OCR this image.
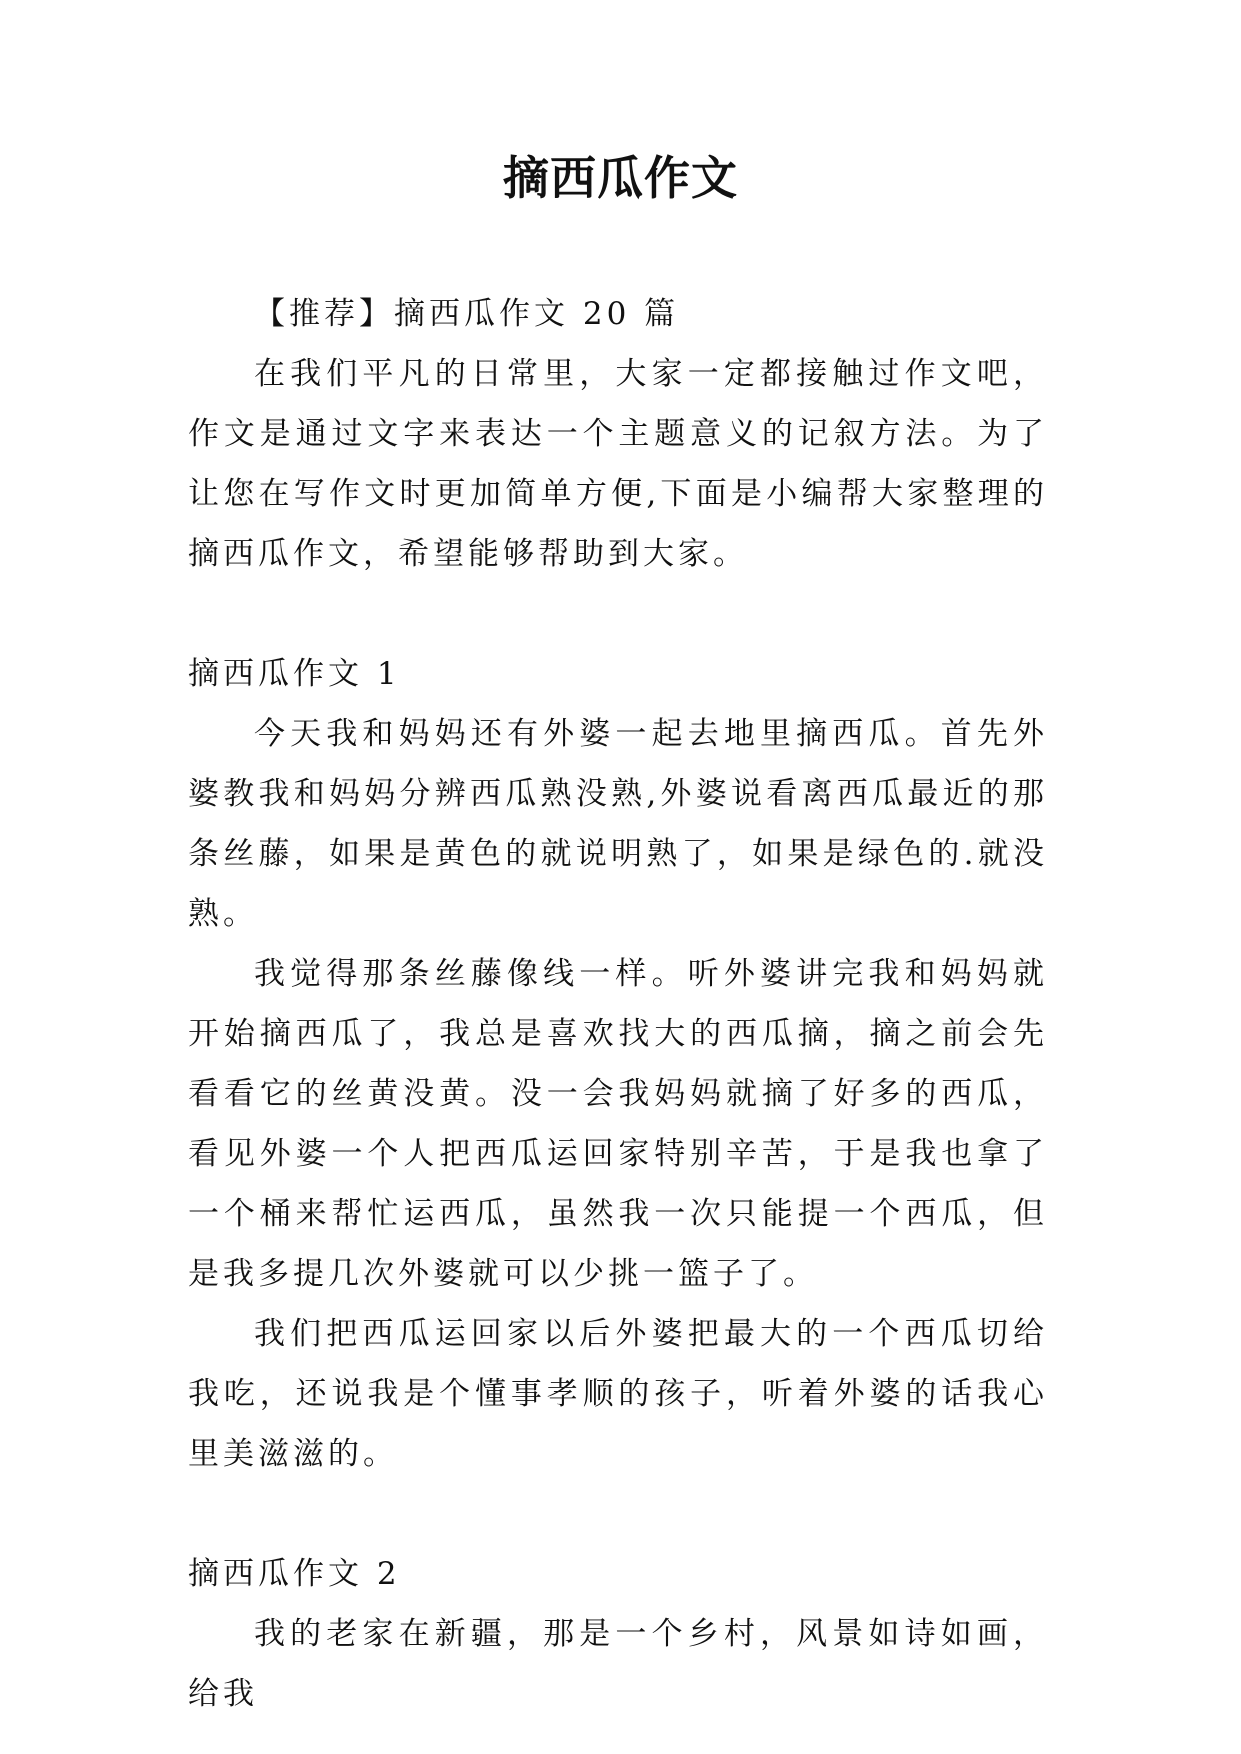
摘西瓜作文

【推荐】摘西瓜作文 20 篇

在我们平凡的日常里，大家一定都接触过作文吧，作文是通过文字来表达一个主题意义的记叙方法。为了让您在写作文时更加简单方便,下面是小编帮大家整理的摘西瓜作文，希望能够帮助到大家。

摘西瓜作文 1

今天我和妈妈还有外婆一起去地里摘西瓜。首先外婆教我和妈妈分辨西瓜熟没熟,外婆说看离西瓜最近的那条丝藤，如果是黄色的就说明熟了，如果是绿色的.就没熟。

我觉得那条丝藤像线一样。听外婆讲完我和妈妈就开始摘西瓜了，我总是喜欢找大的西瓜摘，摘之前会先看看它的丝黄没黄。没一会我妈妈就摘了好多的西瓜，看见外婆一个人把西瓜运回家特别辛苦，于是我也拿了一个桶来帮忙运西瓜，虽然我一次只能提一个西瓜，但是我多提几次外婆就可以少挑一篮子了。

我们把西瓜运回家以后外婆把最大的一个西瓜切给我吃，还说我是个懂事孝顺的孩子，听着外婆的话我心里美滋滋的。

摘西瓜作文 2

我的老家在新疆，那是一个乡村，风景如诗如画，给我
